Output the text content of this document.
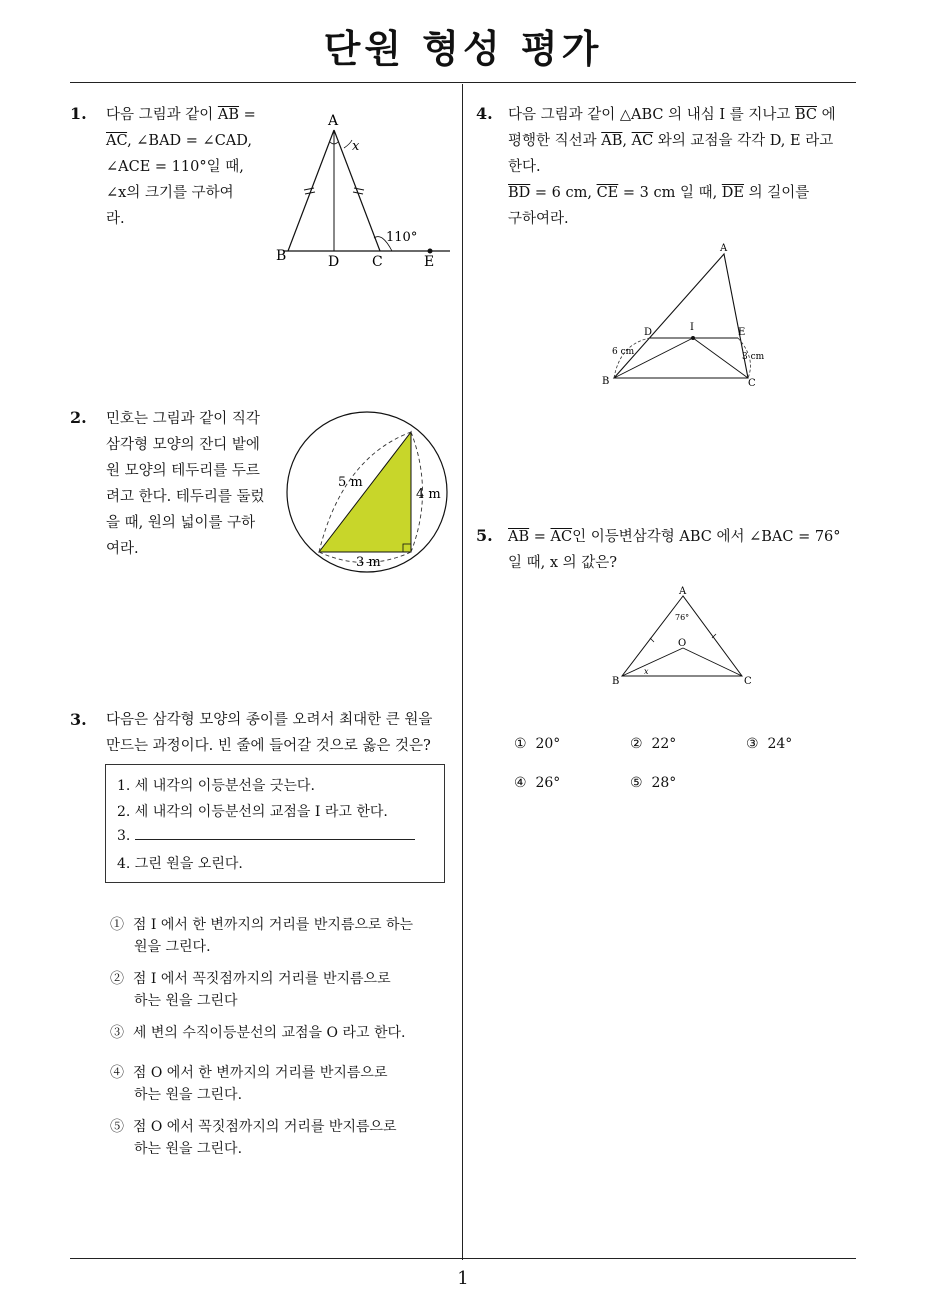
단원 형성 평가
1
1. 다음 그림과 같이 $\overline{AB}$ =
$\overline{AC}$, ∠BAD = ∠CAD,
∠ACE = 110°일 때,
∠x의 크기를 구하여
라.
A
x
B	D C	E
110°
2. 민호는 그림과 같이 직각
삼각형 모양의 잔디 밭에
원 모양의 테두리를 두르
려고 한다. 테두리를 둘렀
을 때, 원의 넓이를 구하
여라.
5 m
4 m
3 m
3. 다음은 삼각형 모양의 종이를 오려서 최대한 큰 원을
만드는 과정이다. 빈 줄에 들어갈 것으로 옳은 것은?
1. 세 내각의 이등분선을 긋는다.
2. 세 내각의 이등분선의 교점을 I 라고 한다.
3.
4. 그린 원을 오린다.
① 점 I 에서 한 변까지의 거리를 반지름으로 하는
원을 그린다.
② 점 I 에서 꼭짓점까지의 거리를 반지름으로
하는 원을 그린다
③ 세 변의 수직이등분선의 교점을 O 라고 한다.
④ 점 O 에서 한 변까지의 거리를 반지름으로
하는 원을 그린다.
⑤ 점 O 에서 꼭짓점까지의 거리를 반지름으로
하는 원을 그린다.
4. 다음 그림과 같이 △ABC 의 내심 I 를 지나고 $\overline{BC}$ 에
평행한 직선과 $\overline{AB}$, $\overline{AC}$ 와의 교점을 각각 D, E 라고
한다.
$\overline{BD} = 6$ cm, $\overline{CE} = 3$ cm 일 때, $\overline{DE}$ 의 길이를
구하여라.
A
D	I	E
B	C
6 cm	3 cm
5. $\overline{AB} = \overline{AC}$인 이등변삼각형 ABC 에서 ∠BAC = 76°
일 때, x 의 값은?
A
76°
O
B	C
x
① 20°	② 22°	③ 24°
④ 26°	⑤ 28°
